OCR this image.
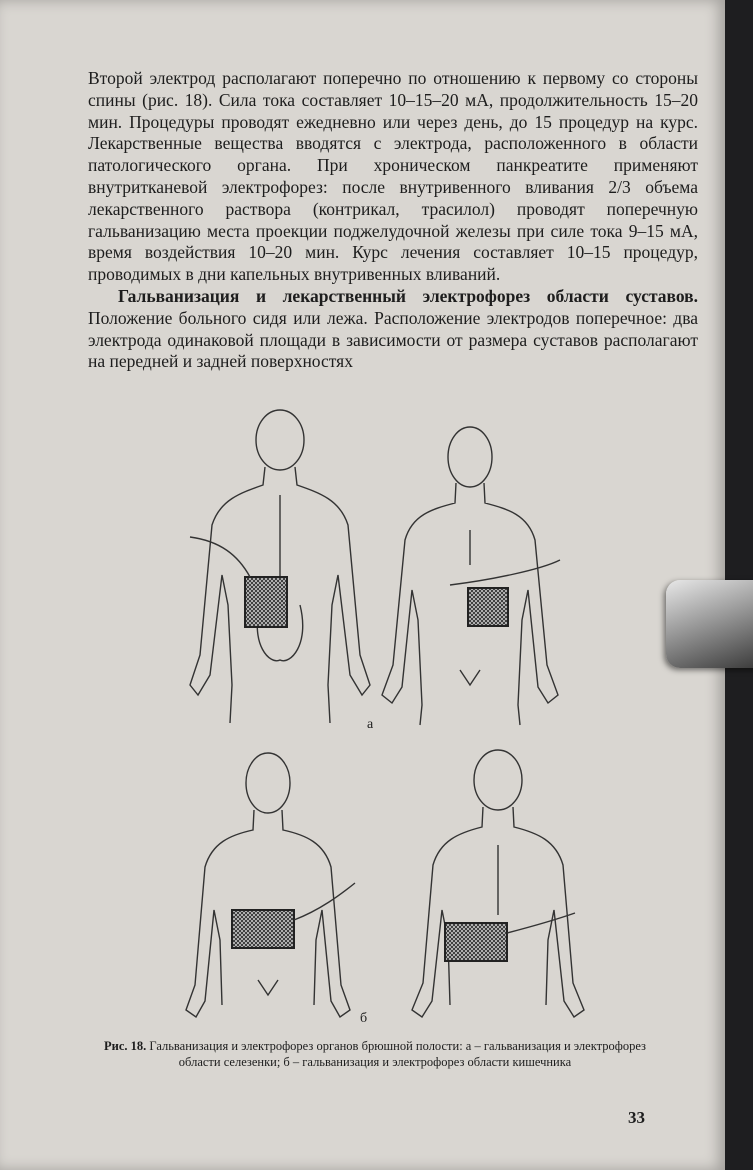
Второй электрод располагают поперечно по отношению к первому со стороны спины (рис. 18). Сила тока составляет 10–15–20 мА, продолжительность 15–20 мин. Процедуры проводят ежедневно или через день, до 15 процедур на курс. Лекарственные вещества вводятся с электрода, расположенного в области патологического органа. При хроническом панкреатите применяют внутритканевой электрофорез: после внутривенного вливания 2/3 объема лекарственного раствора (контрикал, трасилол) проводят поперечную гальванизацию места проекции поджелудочной железы при силе тока 9–15 мА, время воздействия 10–20 мин. Курс лечения составляет 10–15 процедур, проводимых в дни капельных внутривенных вливаний.

Гальванизация и лекарственный электрофорез области суставов. Положение больного сидя или лежа. Расположение электродов поперечное: два электрода одинаковой площади в зависимости от размера суставов располагают на передней и задней поверхностях

а
б
Рис. 18. Гальванизация и электрофорез органов брюшной полости: а – гальванизация и электрофорез области селезенки; б – гальванизация и электрофорез области кишечника
33
